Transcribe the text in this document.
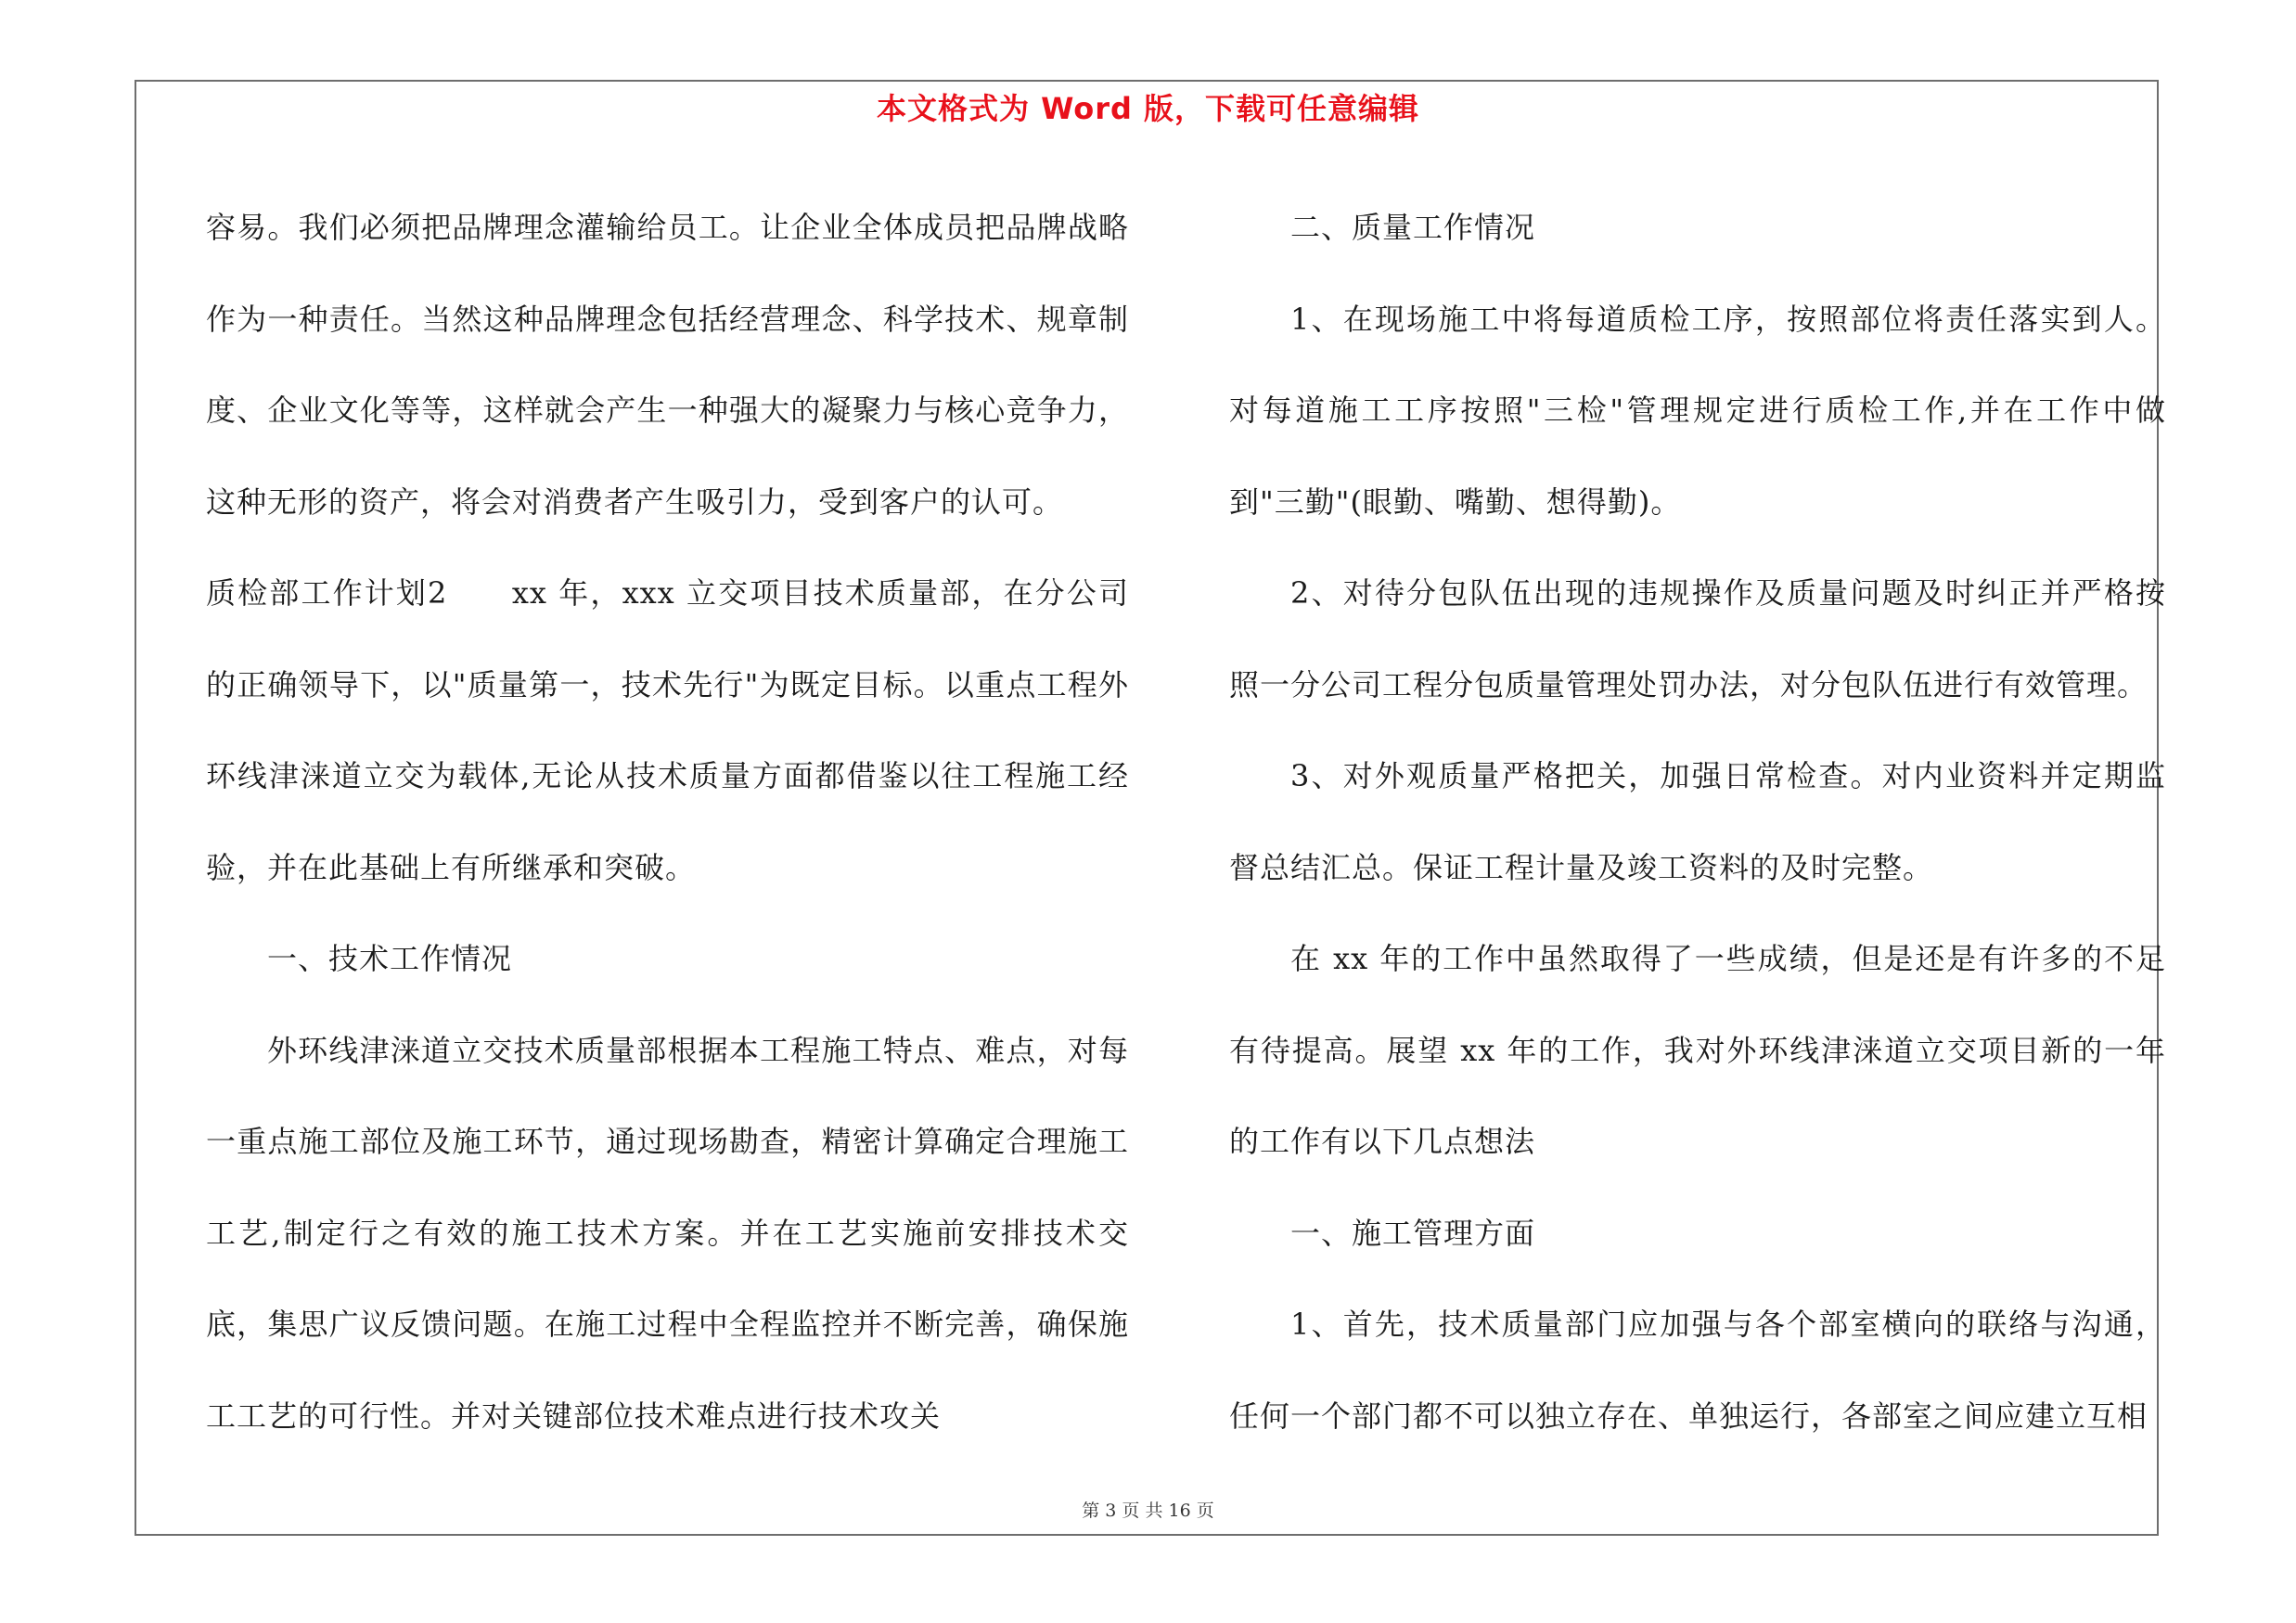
本文格式为 Word 版，下载可任意编辑

容易。我们必须把品牌理念灌输给员工。让企业全体成员把品牌战略作为一种责任。当然这种品牌理念包括经营理念、科学技术、规章制度、企业文化等等，这样就会产生一种强大的凝聚力与核心竞争力，这种无形的资产，将会对消费者产生吸引力，受到客户的认可。

质检部工作计划2　　xx 年，xxx 立交项目技术质量部，在分公司的正确领导下，以"质量第一，技术先行"为既定目标。以重点工程外环线津涞道立交为载体,无论从技术质量方面都借鉴以往工程施工经验，并在此基础上有所继承和突破。

一、技术工作情况

外环线津涞道立交技术质量部根据本工程施工特点、难点，对每一重点施工部位及施工环节，通过现场勘查，精密计算确定合理施工工艺,制定行之有效的施工技术方案。并在工艺实施前安排技术交底，集思广议反馈问题。在施工过程中全程监控并不断完善，确保施工工艺的可行性。并对关键部位技术难点进行技术攻关

二、质量工作情况

1、在现场施工中将每道质检工序，按照部位将责任落实到人。对每道施工工序按照"三检"管理规定进行质检工作,并在工作中做到"三勤"(眼勤、嘴勤、想得勤)。

2、对待分包队伍出现的违规操作及质量问题及时纠正并严格按照一分公司工程分包质量管理处罚办法，对分包队伍进行有效管理。

3、对外观质量严格把关，加强日常检查。对内业资料并定期监督总结汇总。保证工程计量及竣工资料的及时完整。

在 xx 年的工作中虽然取得了一些成绩，但是还是有许多的不足有待提高。展望 xx 年的工作，我对外环线津涞道立交项目新的一年的工作有以下几点想法

一、施工管理方面

1、首先，技术质量部门应加强与各个部室横向的联络与沟通，任何一个部门都不可以独立存在、单独运行，各部室之间应建立互相

第 3 页 共 16 页
